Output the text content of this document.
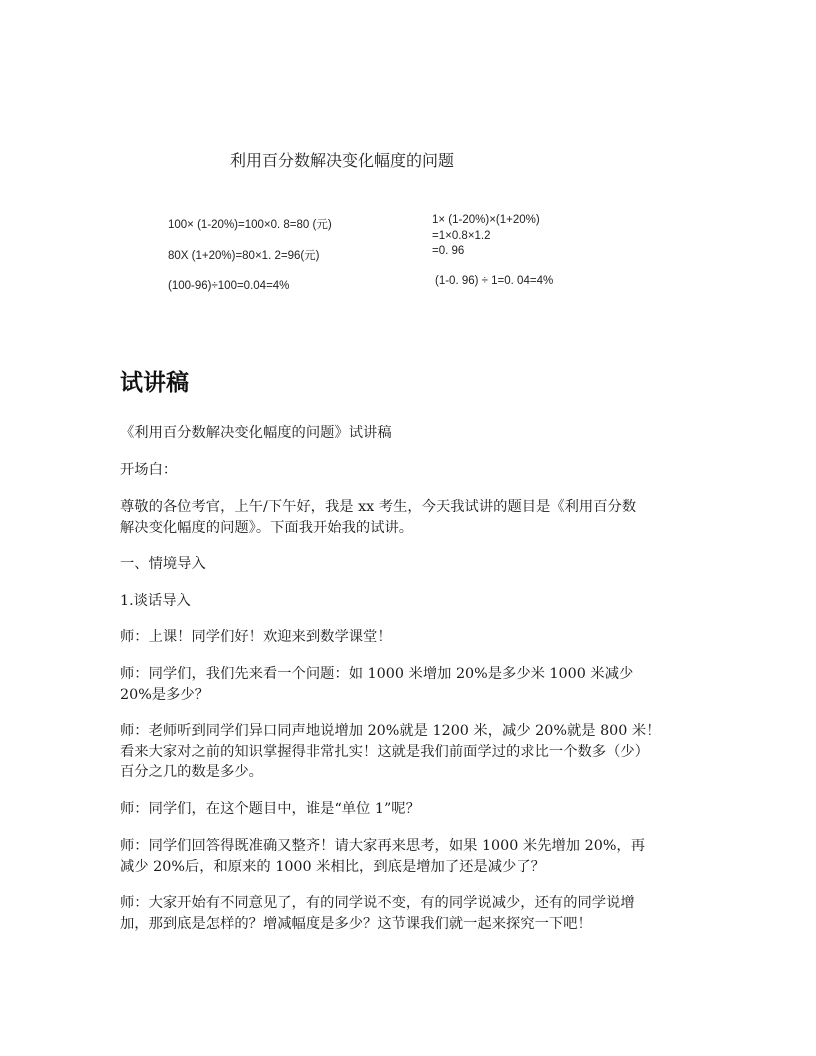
利用百分数解决变化幅度的问题
100× (1-20%)=100×0. 8=80 (元)
80X (1+20%)=80×1. 2=96(元)
(100-96)÷100=0.04=4%
1× (1-20%)×(1+20%)
=1×0.8×1.2
=0. 96
(1-0. 96) ÷ 1=0. 04=4%
试讲稿
《利用百分数解决变化幅度的问题》试讲稿
开场白：
尊敬的各位考官，上午/下午好，我是 xx 考生，今天我试讲的题目是《利用百分数
解决变化幅度的问题》。下面我开始我的试讲。
一、情境导入
1.谈话导入
师：上课！同学们好！欢迎来到数学课堂！
师：同学们，我们先来看一个问题：如 1000 米增加 20%是多少米 1000 米减少
20%是多少？
师：老师听到同学们异口同声地说增加 20%就是 1200 米，减少 20%就是 800 米！
看来大家对之前的知识掌握得非常扎实！这就是我们前面学过的求比一个数多（少）
百分之几的数是多少。
师：同学们，在这个题目中，谁是“单位 1”呢？
师：同学们回答得既准确又整齐！请大家再来思考，如果 1000 米先增加 20%，再
减少 20%后，和原来的 1000 米相比，到底是增加了还是减少了？
师：大家开始有不同意见了，有的同学说不变，有的同学说减少，还有的同学说增
加，那到底是怎样的？增减幅度是多少？这节课我们就一起来探究一下吧！
